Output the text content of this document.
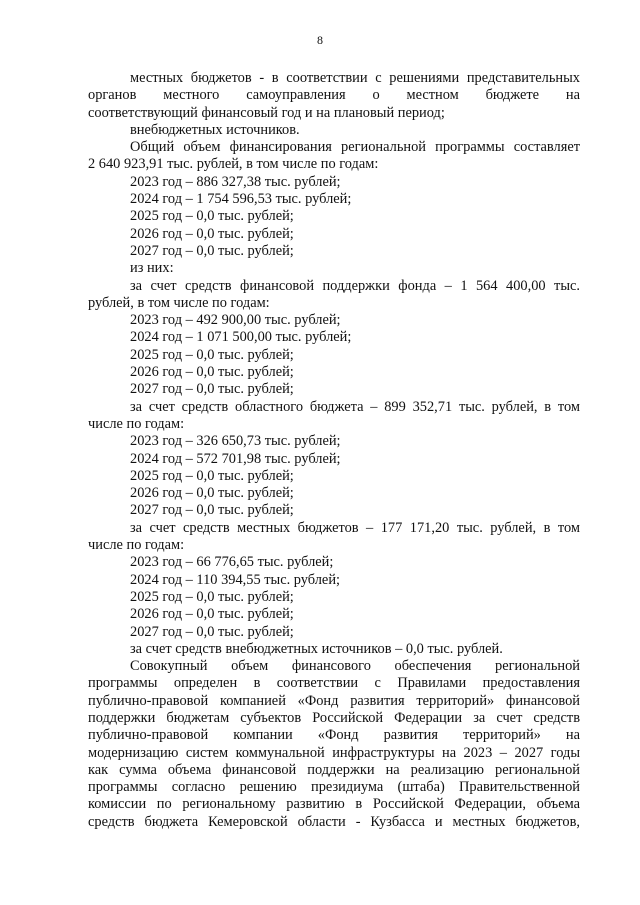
8
местных бюджетов - в соответствии с решениями представительных
органов местного самоуправления о местном бюджете на
соответствующий финансовый год и на плановый период;
внебюджетных источников.
Общий объем финансирования региональной программы составляет
2 640 923,91 тыс. рублей, в том числе по годам:
2023 год – 886 327,38 тыс. рублей;
2024 год – 1 754 596,53 тыс. рублей;
2025 год – 0,0 тыс. рублей;
2026 год – 0,0 тыс. рублей;
2027 год – 0,0 тыс. рублей;
из них:
за счет средств финансовой поддержки фонда – 1 564 400,00 тыс.
рублей, в том числе по годам:
2023 год – 492 900,00 тыс. рублей;
2024 год – 1 071 500,00 тыс. рублей;
2025 год – 0,0 тыс. рублей;
2026 год – 0,0 тыс. рублей;
2027 год – 0,0 тыс. рублей;
за счет средств областного бюджета – 899 352,71 тыс. рублей, в том
числе по годам:
2023 год – 326 650,73 тыс. рублей;
2024 год – 572 701,98 тыс. рублей;
2025 год – 0,0 тыс. рублей;
2026 год – 0,0 тыс. рублей;
2027 год – 0,0 тыс. рублей;
за счет средств местных бюджетов – 177 171,20 тыс. рублей, в том
числе по годам:
2023 год – 66 776,65 тыс. рублей;
2024 год – 110 394,55 тыс. рублей;
2025 год – 0,0 тыс. рублей;
2026 год – 0,0 тыс. рублей;
2027 год – 0,0 тыс. рублей;
за счет средств внебюджетных источников – 0,0 тыс. рублей.
Совокупный объем финансового обеспечения региональной
программы определен в соответствии с Правилами предоставления
публично-правовой компанией «Фонд развития территорий» финансовой
поддержки бюджетам субъектов Российской Федерации за счет средств
публично-правовой компании «Фонд развития территорий» на
модернизацию систем коммунальной инфраструктуры на 2023 – 2027 годы
как сумма объема финансовой поддержки на реализацию региональной
программы согласно решению президиума (штаба) Правительственной
комиссии по региональному развитию в Российской Федерации, объема
средств бюджета Кемеровской области - Кузбасса и местных бюджетов,
